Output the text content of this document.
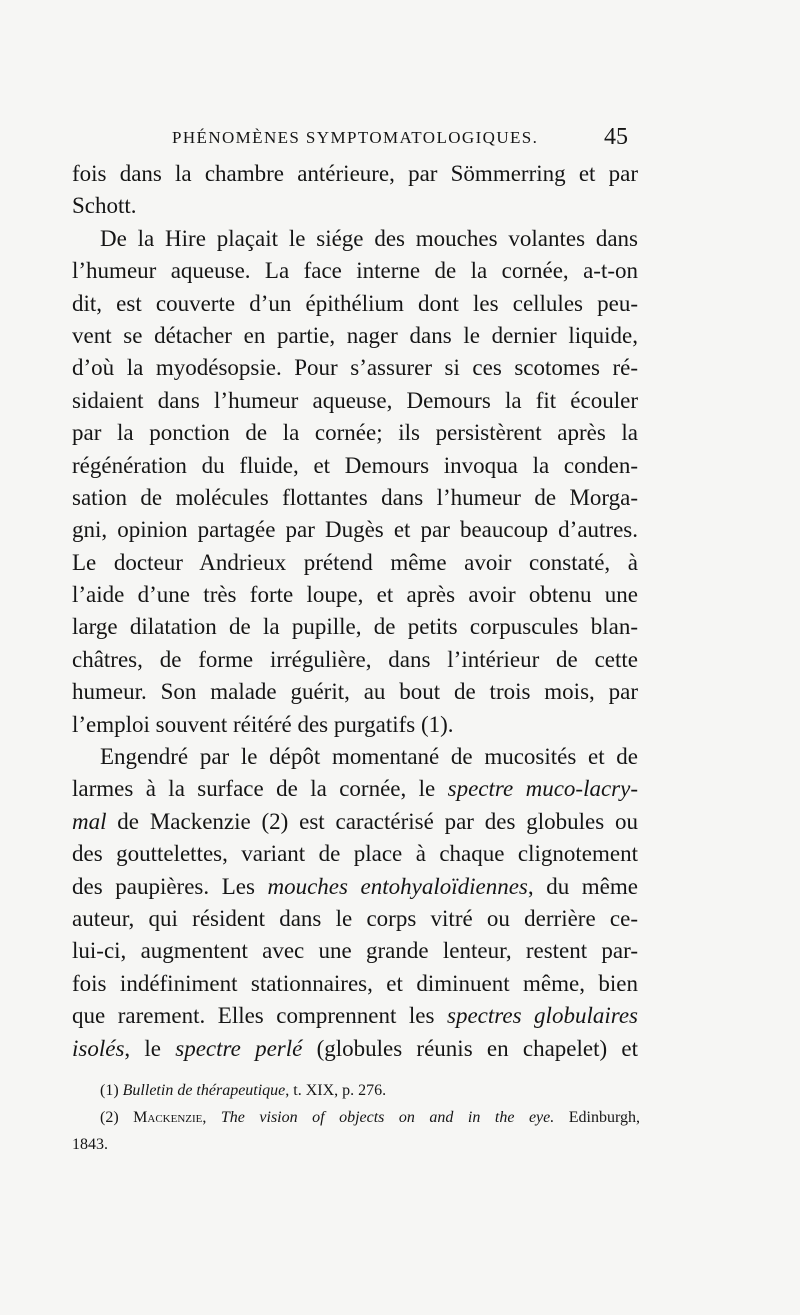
PHÉNOMÈNES SYMPTOMATOLOGIQUES.	45
fois dans la chambre antérieure, par Sömmerring et par
Schott.
De la Hire plaçait le siége des mouches volantes dans
l’humeur aqueuse. La face interne de la cornée, a-t-on
dit, est couverte d’un épithélium dont les cellules peu-
vent se détacher en partie, nager dans le dernier liquide,
d’où la myodésopsie. Pour s’assurer si ces scotomes ré-
sidaient dans l’humeur aqueuse, Demours la fit écouler
par la ponction de la cornée; ils persistèrent après la
régénération du fluide, et Demours invoqua la conden-
sation de molécules flottantes dans l’humeur de Morga-
gni, opinion partagée par Dugès et par beaucoup d’autres.
Le docteur Andrieux prétend même avoir constaté, à
l’aide d’une très forte loupe, et après avoir obtenu une
large dilatation de la pupille, de petits corpuscules blan-
châtres, de forme irrégulière, dans l’intérieur de cette
humeur. Son malade guérit, au bout de trois mois, par
l’emploi souvent réitéré des purgatifs (1).
Engendré par le dépôt momentané de mucosités et de
larmes à la surface de la cornée, le spectre muco-lacry-
mal de Mackenzie (2) est caractérisé par des globules ou
des gouttelettes, variant de place à chaque clignotement
des paupières. Les mouches entohyaloïdiennes, du même
auteur, qui résident dans le corps vitré ou derrière ce-
lui-ci, augmentent avec une grande lenteur, restent par-
fois indéfiniment stationnaires, et diminuent même, bien
que rarement. Elles comprennent les spectres globulaires
isolés, le spectre perlé (globules réunis en chapelet) et
(1) Bulletin de thérapeutique, t. XIX, p. 276.
(2) Mackenzie, The vision of objects on and in the eye. Edinburgh,
1843.
